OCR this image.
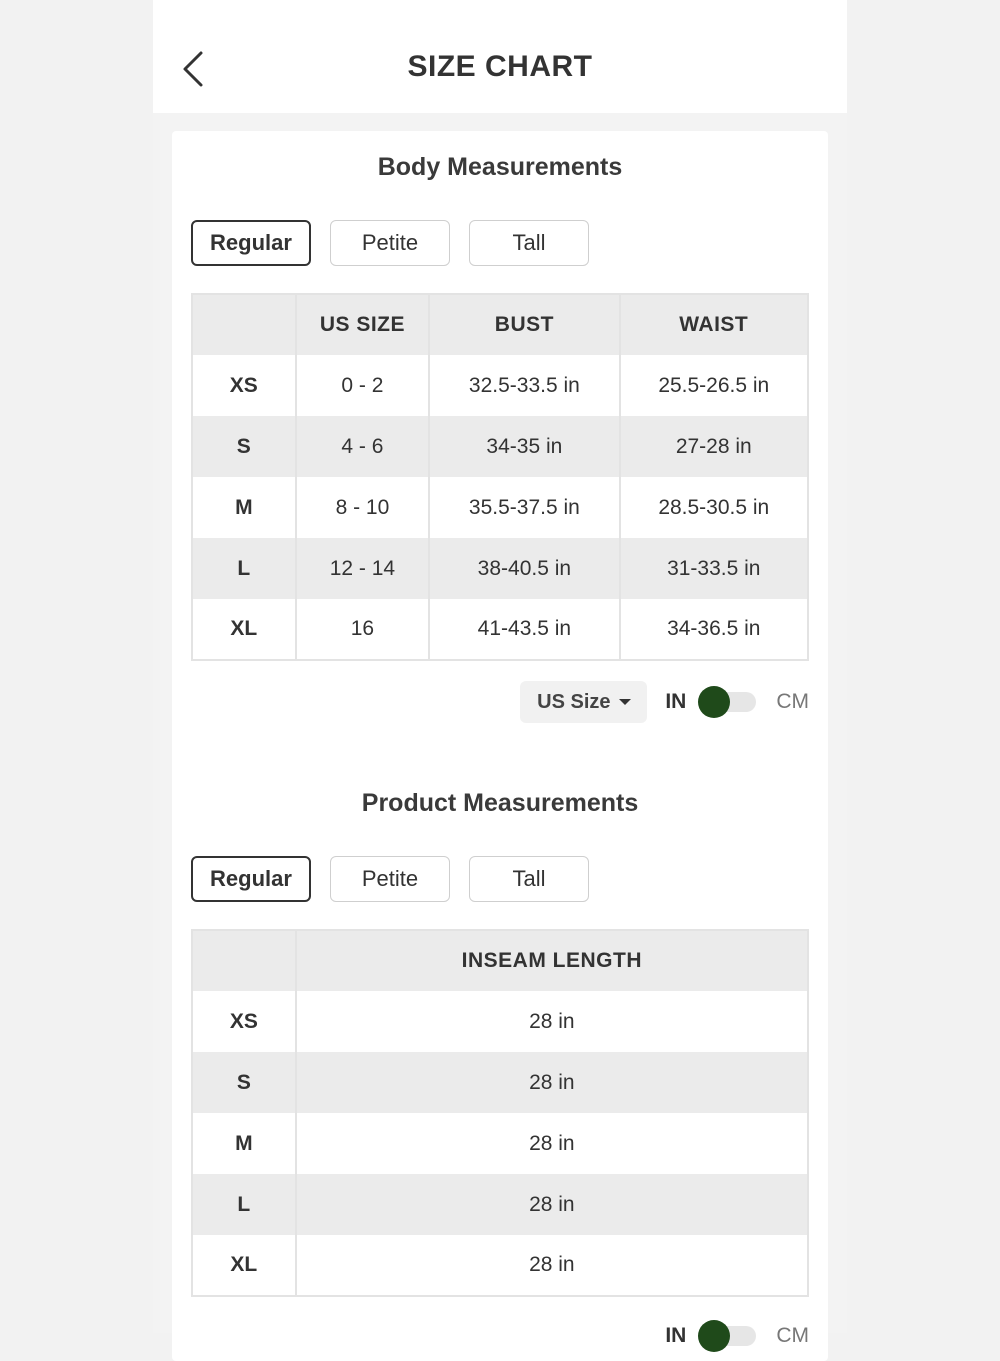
SIZE CHART
Body Measurements
Regular	Petite	Tall
	US SIZE	BUST	WAIST
XS	0 - 2	32.5-33.5 in	25.5-26.5 in
S	4 - 6	34-35 in	27-28 in
M	8 - 10	35.5-37.5 in	28.5-30.5 in
L	12 - 14	38-40.5 in	31-33.5 in
XL	16	41-43.5 in	34-36.5 in
US Size	IN	CM
Product Measurements
Regular	Petite	Tall
	INSEAM LENGTH
XS	28 in
S	28 in
M	28 in
L	28 in
XL	28 in
IN	CM
